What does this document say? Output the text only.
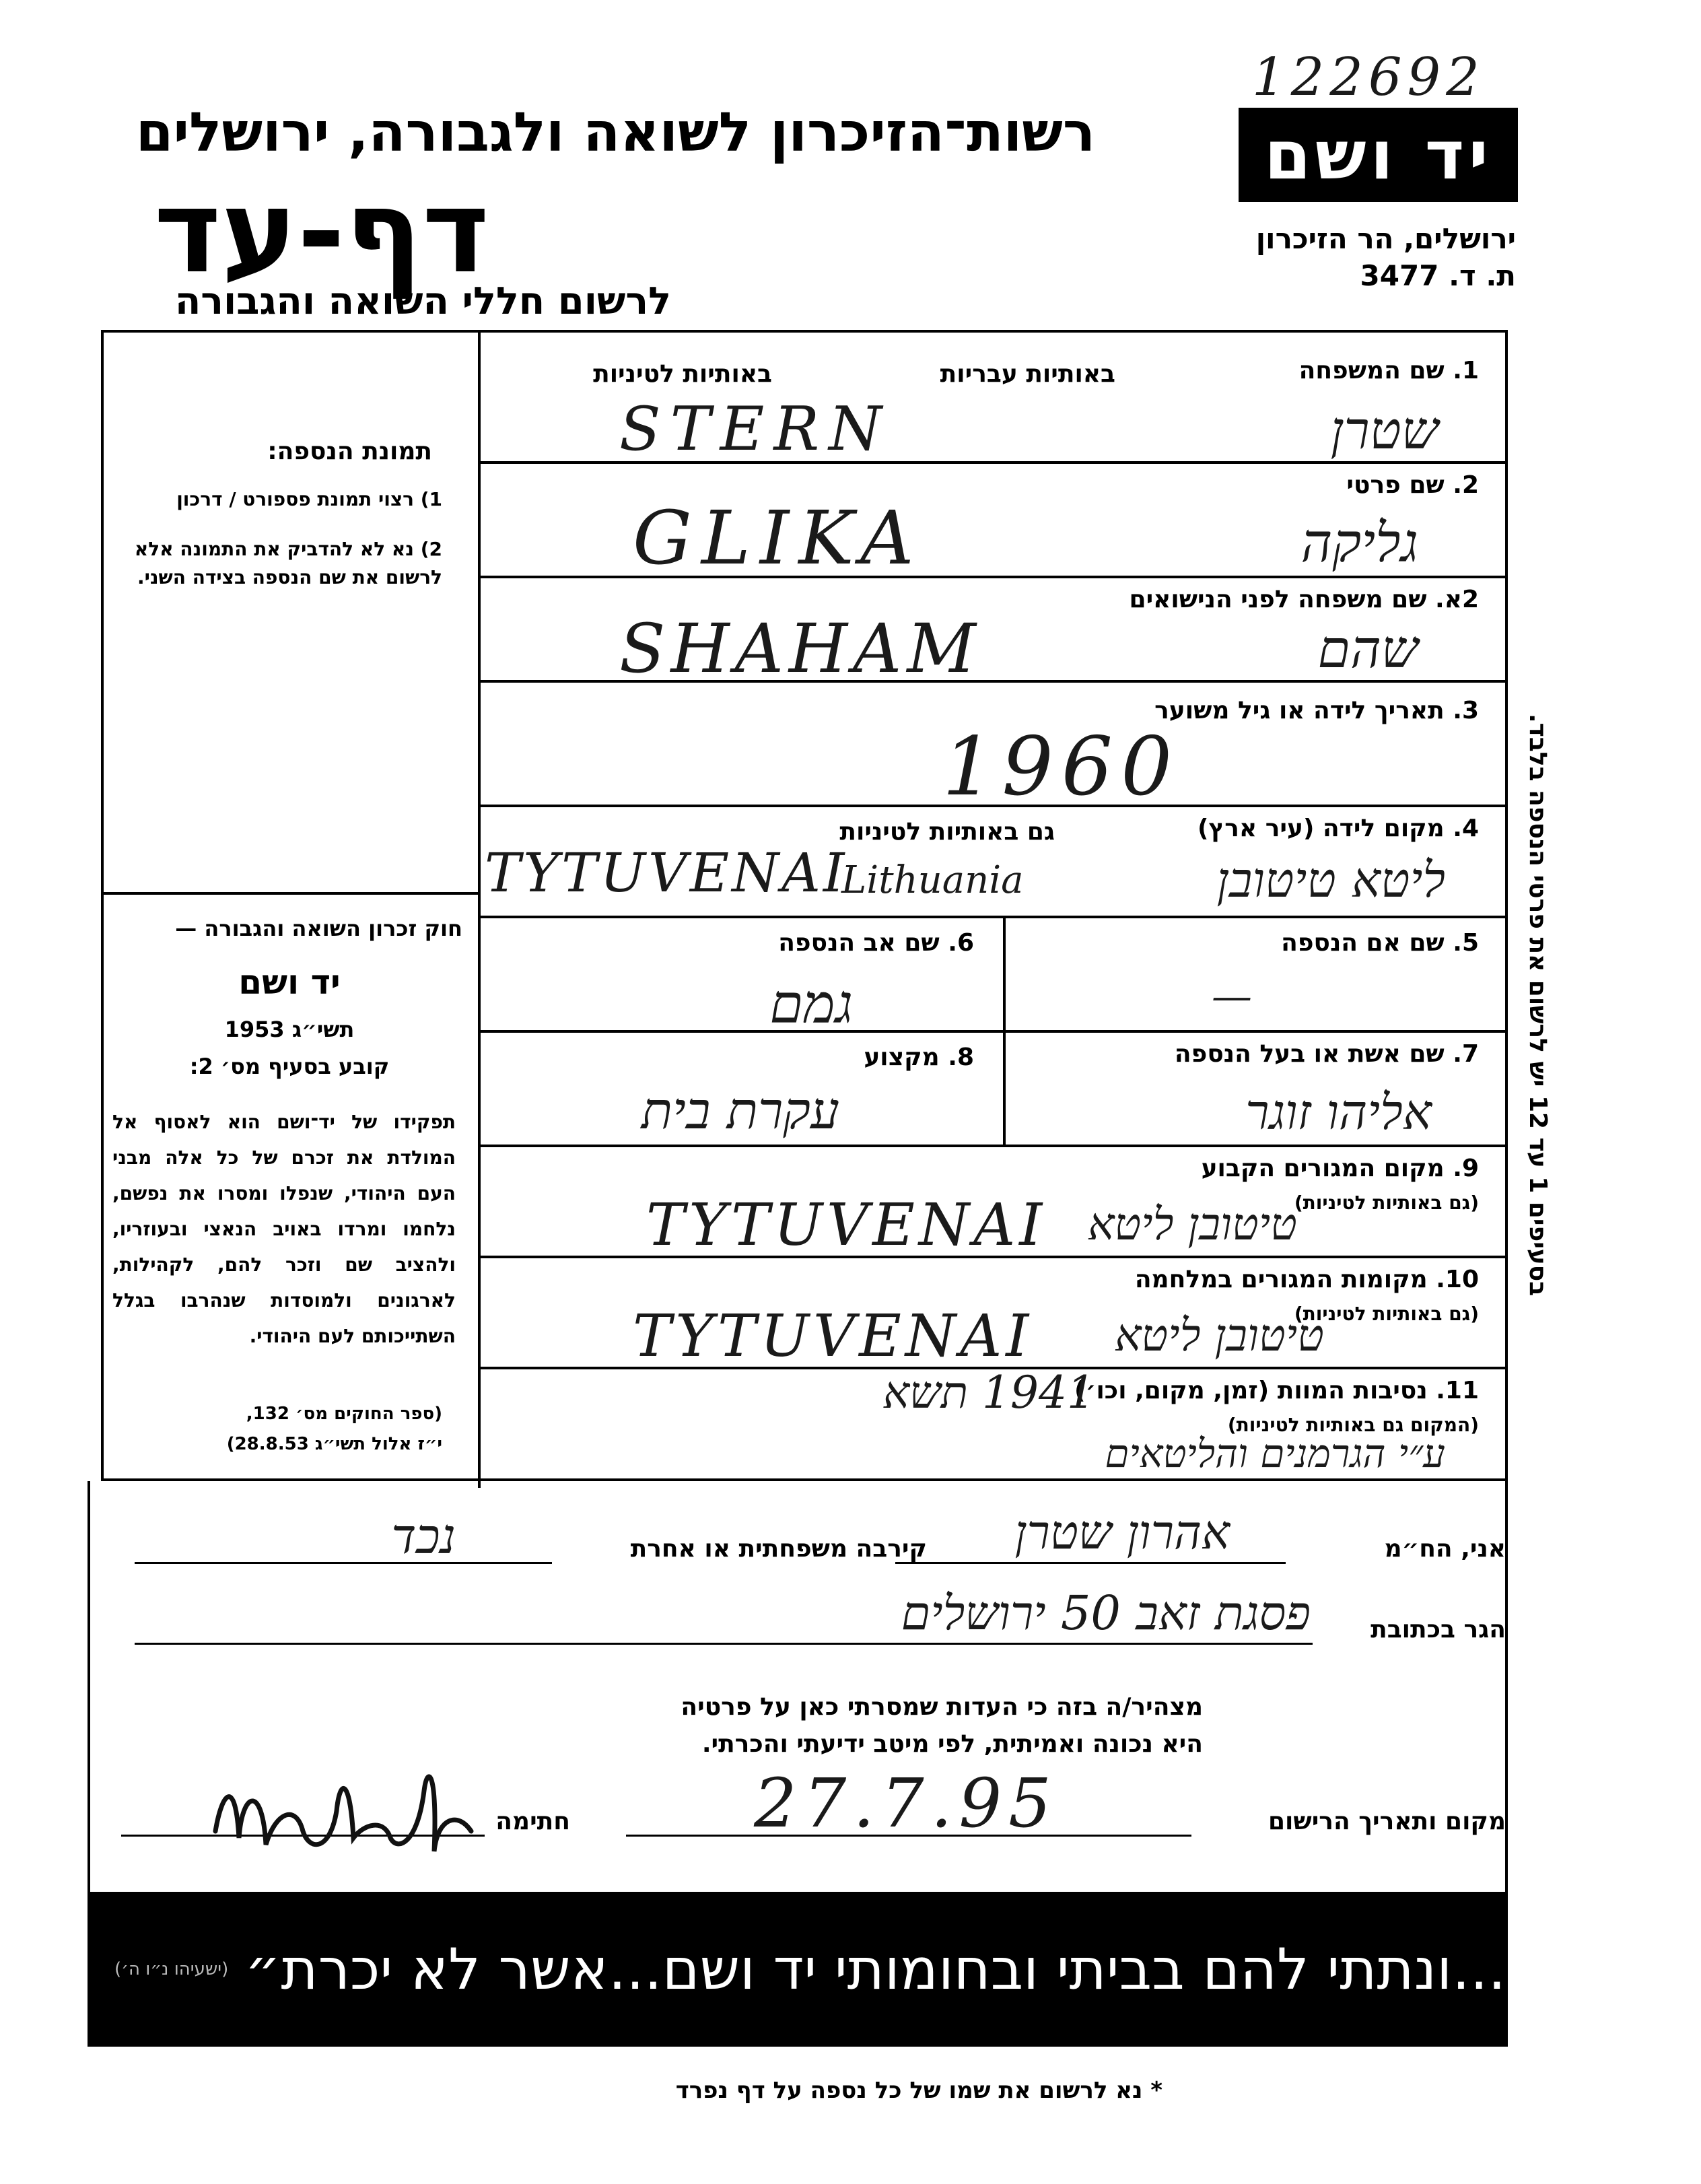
122692
רשות־הזיכרון לשואה ולגבורה, ירושלים
דף-עד
לרשום חללי השואה והגבורה
יד ושם
ירושלים, הר הזיכרון
ת. ד. 3477
תמונת הנספה:
1) רצוי תמונת פספורט / דרכון
2) נא לא להדביק את התמונה אלא לרשום את שם הנספה בצידה השני.
חוק זכרון השואה והגבורה —
יד ושם
תשי״ג 1953
קובע בסעיף מס׳ 2:
תפקידו של יד־ושם הוא לאסוף אל המולדת את זכרם של כל אלה מבני העם היהודי, שנפלו ומסרו את נפשם, נלחמו ומרדו באויב הנאצי ובעוזריו, ולהציב שם וזכר להם, לקהילות, לארגונים ולמוסדות שנהרבו בגלל השתייכותם לעם היהודי.
(ספר החוקים מס׳ 132,
י״ז אלול תשי״ג 28.8.53)
בסעיפים 1 עד 12 יש לרשום את פרטי הנספה בלבד.
1. שם המשפחה
באותיות עבריות
באותיות לטיניות
STERN	שטרן
2. שם פרטי
GLIKA	גליקה
2א. שם משפחה לפני הנישואים
SHAHAM	שהם
3. תאריך לידה או גיל משוער
1960
4. מקום לידה (עיר ארץ)
גם באותיות לטיניות
TYTUVENAI
Lithuania	ליטא טיטובן
5. שם אם הנספה
—
6. שם אב הנספה
גמם
7. שם אשת או בעל הנספה
אליהו זוגר
8. מקצוע
עקרת בית
9. מקום המגורים הקבוע
(גם באותיות לטיניות)
TYTUVENAI טיטובן ליטא
10. מקומות המגורים במלחמה
(גם באותיות לטיניות)
TYTUVENAI טיטובן ליטא
11. נסיבות המוות (זמן, מקום, וכו׳)
(המקום גם באותיות לטיניות)
1941 תשא
ע״י הגרמנים והליטאים
אני, הח״מ
אהרון שטרן
קירבה משפחתית או אחרת
נכד
הגר בכתובת
פסגת זאב 50 ירושלים
מצהיר/ה בזה כי העדות שמסרתי כאן על פרטיה
היא נכונה ואמיתית, לפי מיטב ידיעתי והכרתי.
מקום ותאריך הרישום
27.7.95
חתימה
(ישעיהו נ״ו ה׳) ״...ונתתי להם בביתי ובחומותי יד ושם...אשר לא יכרת״
* נא לרשום את שמו של כל נספה על דף נפרד
